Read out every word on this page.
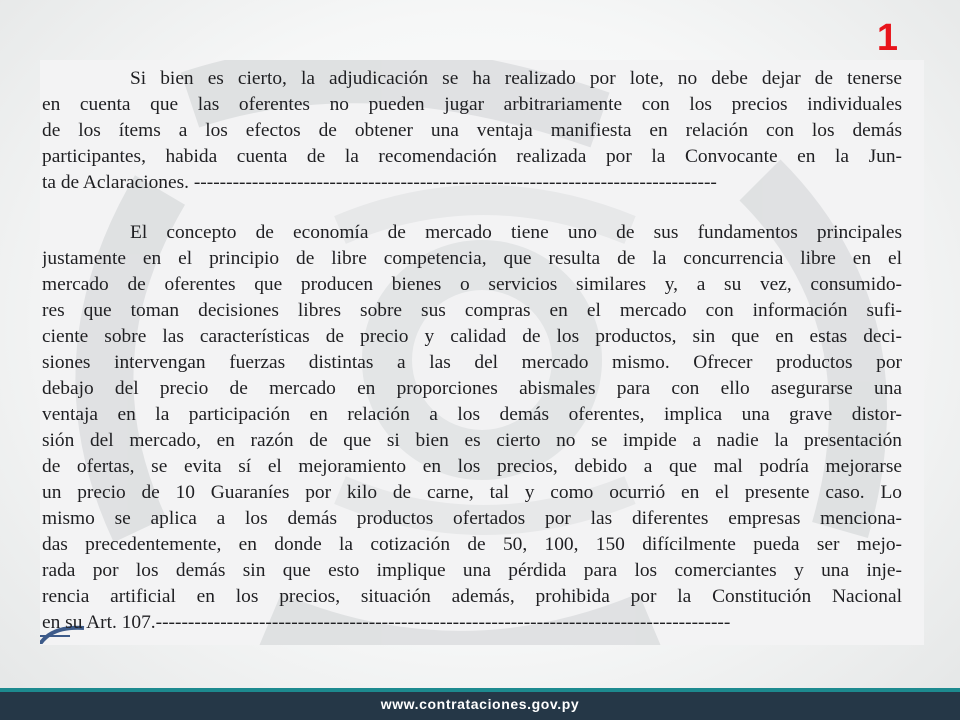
1
Si bien es cierto, la adjudicación se ha realizado por lote, no debe dejar de tenerse
en cuenta que las oferentes no pueden jugar arbitrariamente con los precios individuales
de los ítems a los efectos de obtener una ventaja manifiesta en relación con los demás
participantes, habida cuenta de la recomendación realizada por la Convocante en la Jun-
ta de Aclaraciones. ---------------------------------------------------------------------------------
El concepto de economía de mercado tiene uno de sus fundamentos principales
justamente en el principio de libre competencia, que resulta de la concurrencia libre en el
mercado de oferentes que producen bienes o servicios similares y, a su vez, consumido-
res que toman decisiones libres sobre sus compras en el mercado con información sufi-
ciente sobre las características de precio y calidad de los productos, sin que en estas deci-
siones intervengan fuerzas distintas a las del mercado mismo. Ofrecer productos por
debajo del precio de mercado en proporciones abismales para con ello asegurarse una
ventaja en la participación en relación a los demás oferentes, implica una grave distor-
sión del mercado, en razón de que si bien es cierto no se impide a nadie la presentación
de ofertas, se evita sí el mejoramiento en los precios, debido a que mal podría mejorarse
un precio de 10 Guaraníes por kilo de carne, tal y como ocurrió en el presente caso. Lo
mismo se aplica a los demás productos ofertados por las diferentes empresas menciona-
das precedentemente, en donde la cotización de 50, 100, 150 difícilmente pueda ser mejo-
rada por los demás sin que esto implique una pérdida para los comerciantes y una inje-
rencia artificial en los precios, situación además, prohibida por la Constitución Nacional
en su Art. 107.-----------------------------------------------------------------------------------------
www.contrataciones.gov.py
